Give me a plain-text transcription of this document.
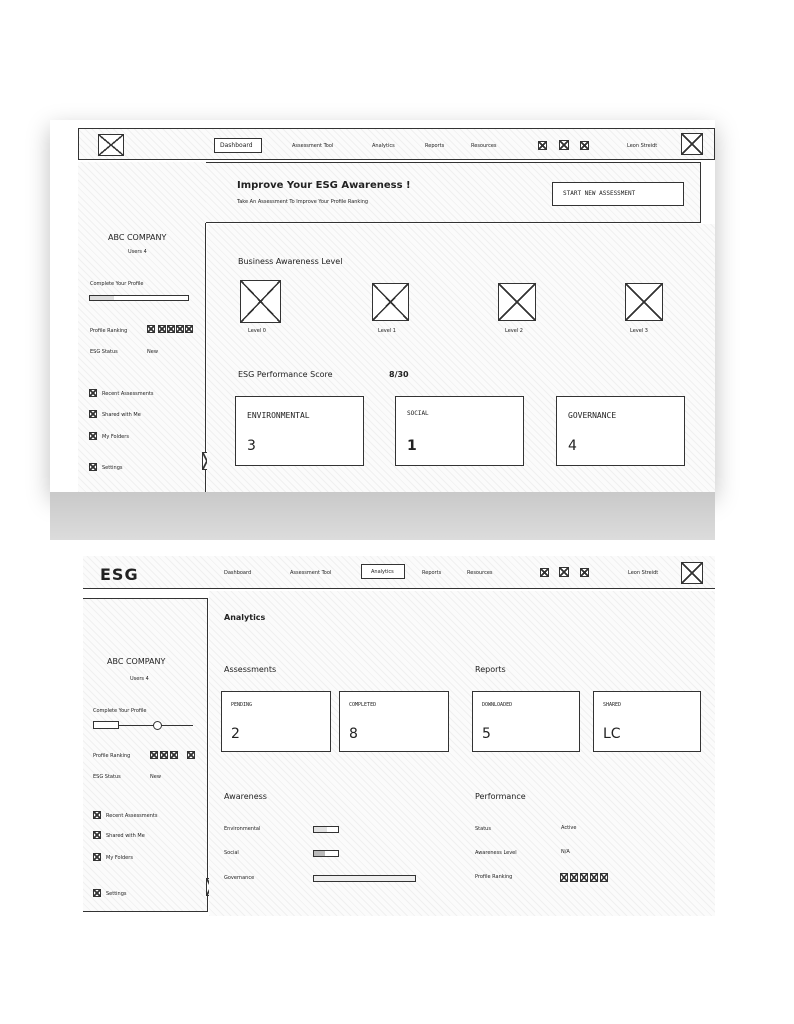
Dashboard	Assessment Tool	Analytics	Reports	Resources	Leon Streidt
Improve Your ESG Awareness !
Take An Assessment To Improve Your Profile Ranking
START NEW ASSESSMENT
ABC COMPANY
Users 4
Complete Your Profile
Profile Ranking
ESG Status	New
Recent Assessments
Shared with Me
My Folders
Settings
Business Awareness Level
Level 0	Level 1	Level 2	Level 3
ESG Performance Score	8/30
ENVIRONMENTAL
3
SOCIAL
1
GOVERNANCE
4
ESG	Dashboard	Assessment Tool	Analytics	Reports	Resources	Leon Streidt
ABC COMPANY
Users 4
Complete Your Profile
Profile Ranking
ESG Status	New
Recent Assessments
Shared with Me
My Folders
Settings
Analytics
Assessments	Reports
PENDING
2
COMPLETED
8
DOWNLOADED
5
SHARED
LC
Awareness	Performance
Environmental
Social
Governance
Status	Active
Awareness Level	N/A
Profile Ranking
